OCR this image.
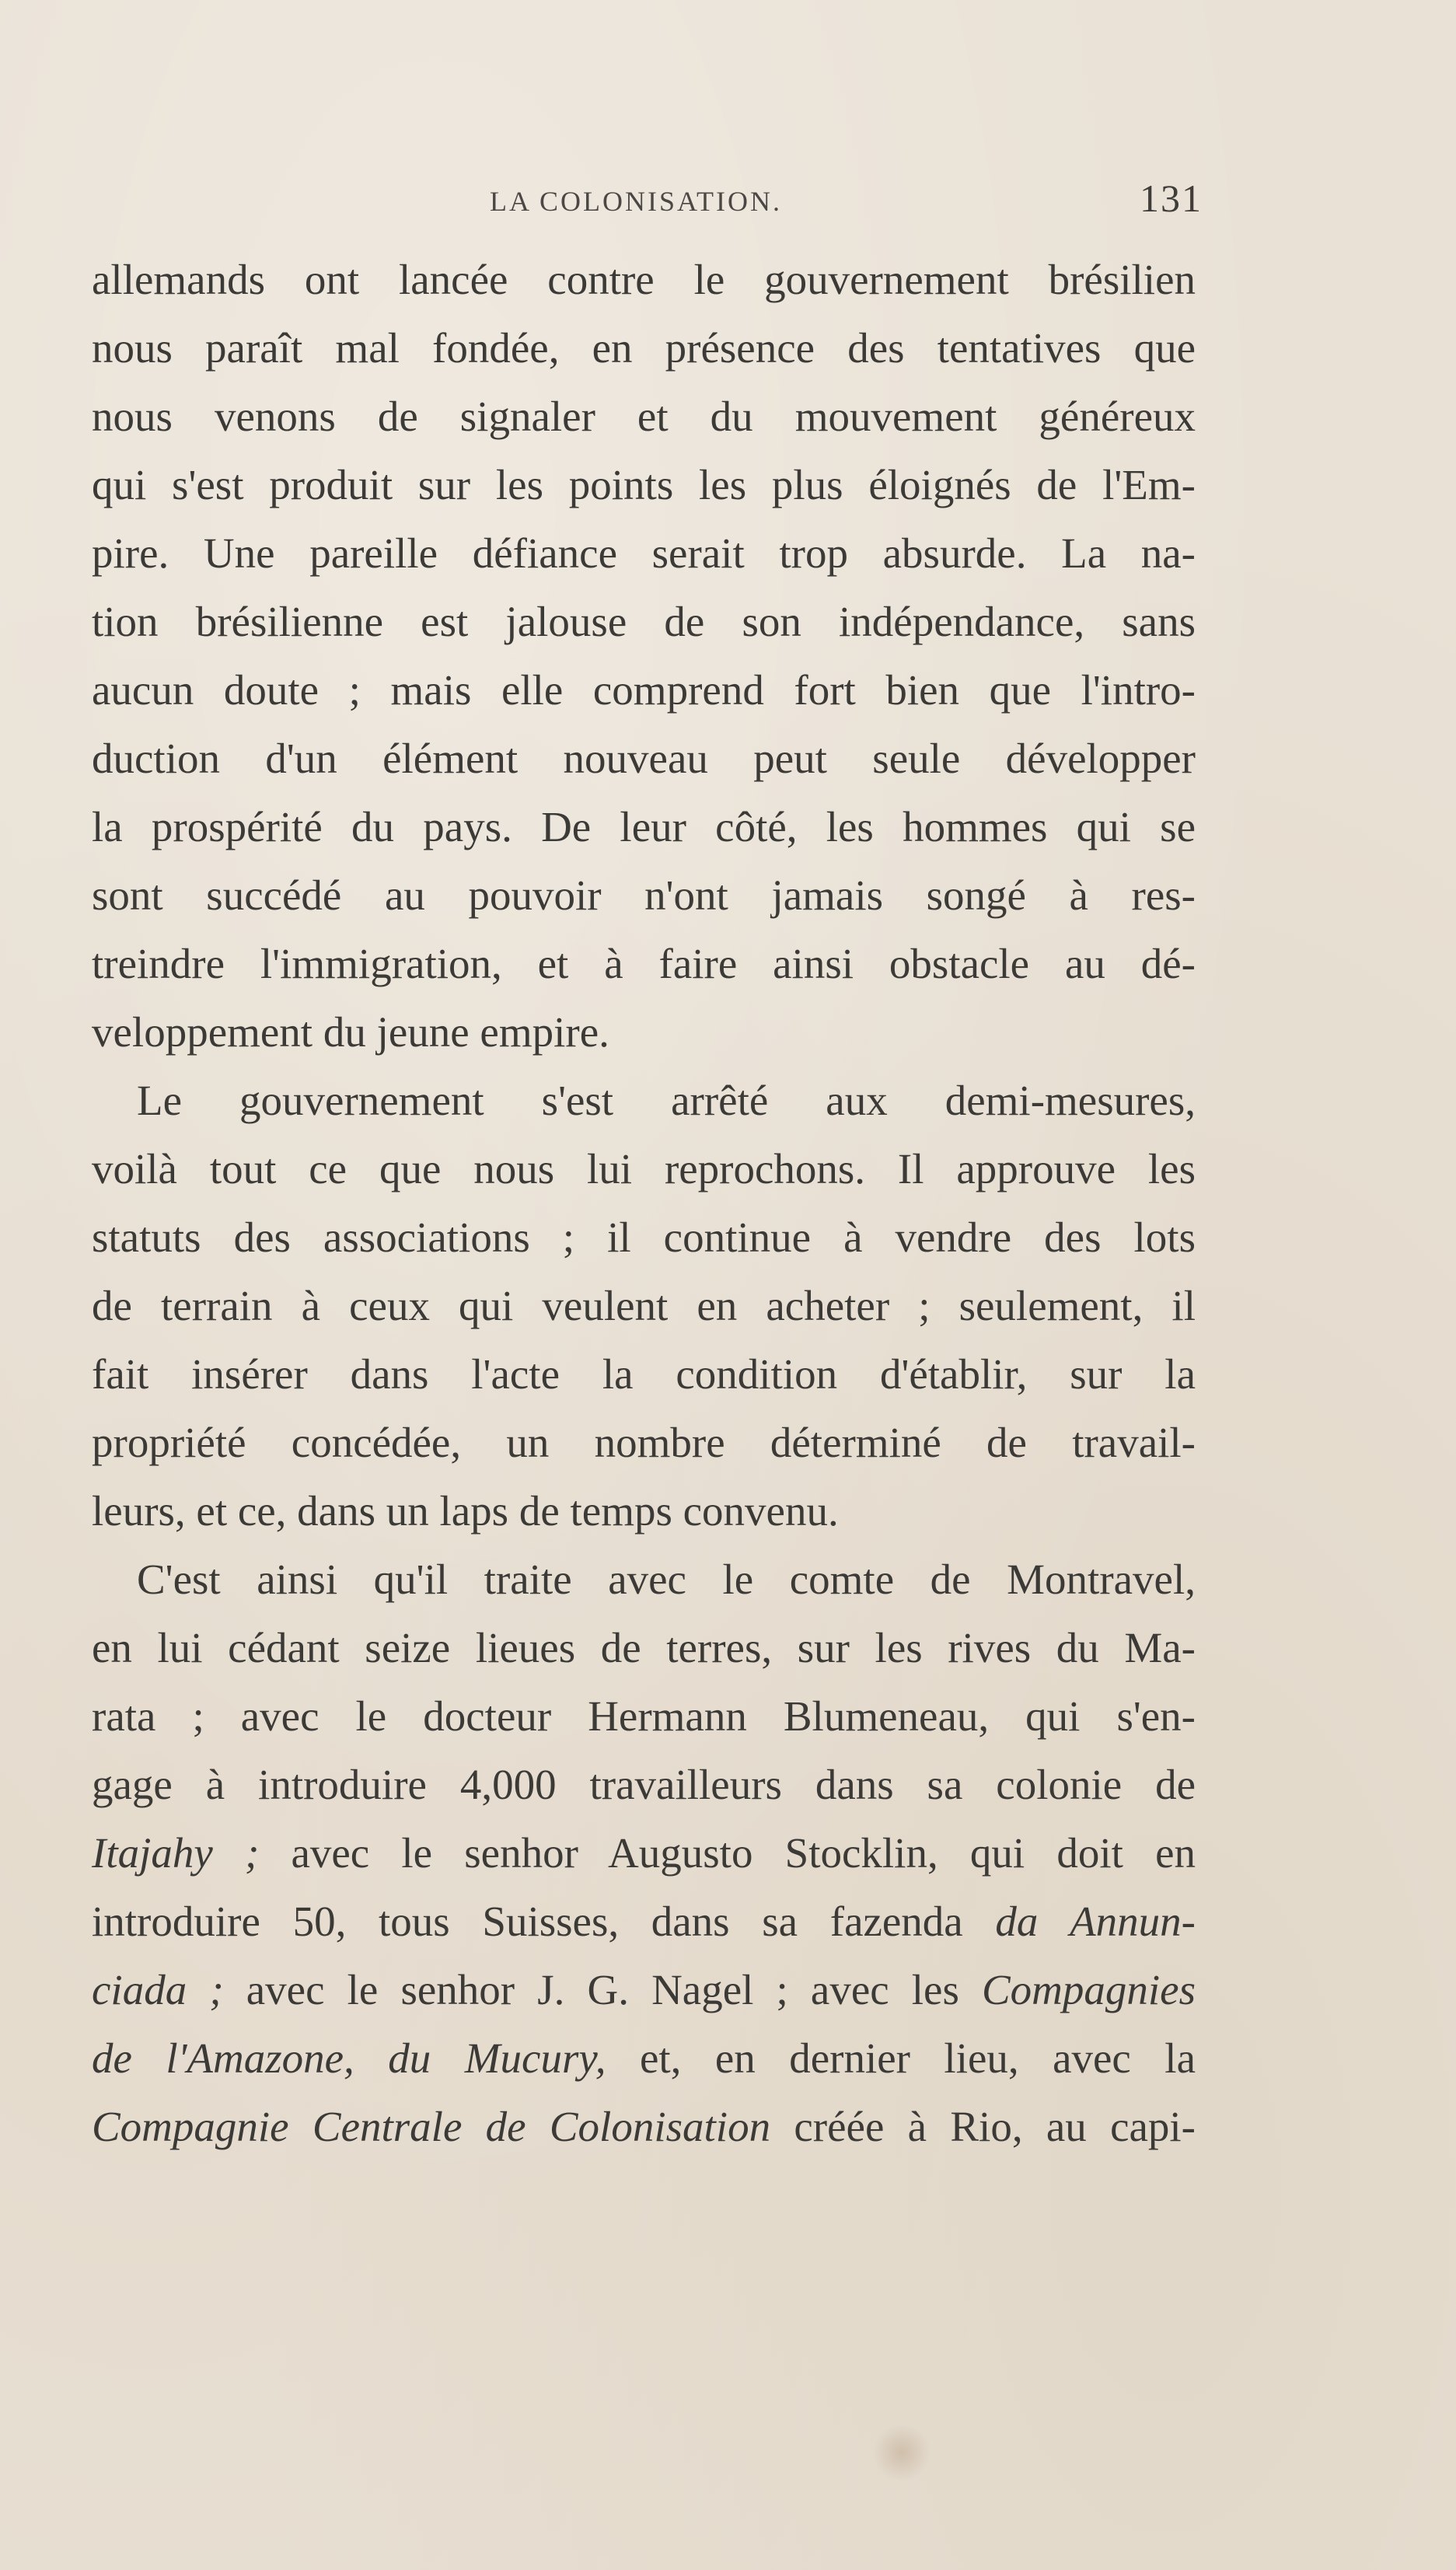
LA COLONISATION.	131
allemands ont lancée contre le gouvernement brésilien
nous paraît mal fondée, en présence des tentatives que
nous venons de signaler et du mouvement généreux
qui s'est produit sur les points les plus éloignés de l'Em-
pire. Une pareille défiance serait trop absurde. La na-
tion brésilienne est jalouse de son indépendance, sans
aucun doute ; mais elle comprend fort bien que l'intro-
duction d'un élément nouveau peut seule développer
la prospérité du pays. De leur côté, les hommes qui se
sont succédé au pouvoir n'ont jamais songé à res-
treindre l'immigration, et à faire ainsi obstacle au dé-
veloppement du jeune empire.
Le gouvernement s'est arrêté aux demi-mesures,
voilà tout ce que nous lui reprochons. Il approuve les
statuts des associations ; il continue à vendre des lots
de terrain à ceux qui veulent en acheter ; seulement, il
fait insérer dans l'acte la condition d'établir, sur la
propriété concédée, un nombre déterminé de travail-
leurs, et ce, dans un laps de temps convenu.
C'est ainsi qu'il traite avec le comte de Montravel,
en lui cédant seize lieues de terres, sur les rives du Ma-
rata ; avec le docteur Hermann Blumeneau, qui s'en-
gage à introduire 4,000 travailleurs dans sa colonie de
Itajahy ; avec le senhor Augusto Stocklin, qui doit en
introduire 50, tous Suisses, dans sa fazenda da Annun-
ciada ; avec le senhor J. G. Nagel ; avec les Compagnies
de l'Amazone, du Mucury, et, en dernier lieu, avec la
Compagnie Centrale de Colonisation créée à Rio, au capi-
